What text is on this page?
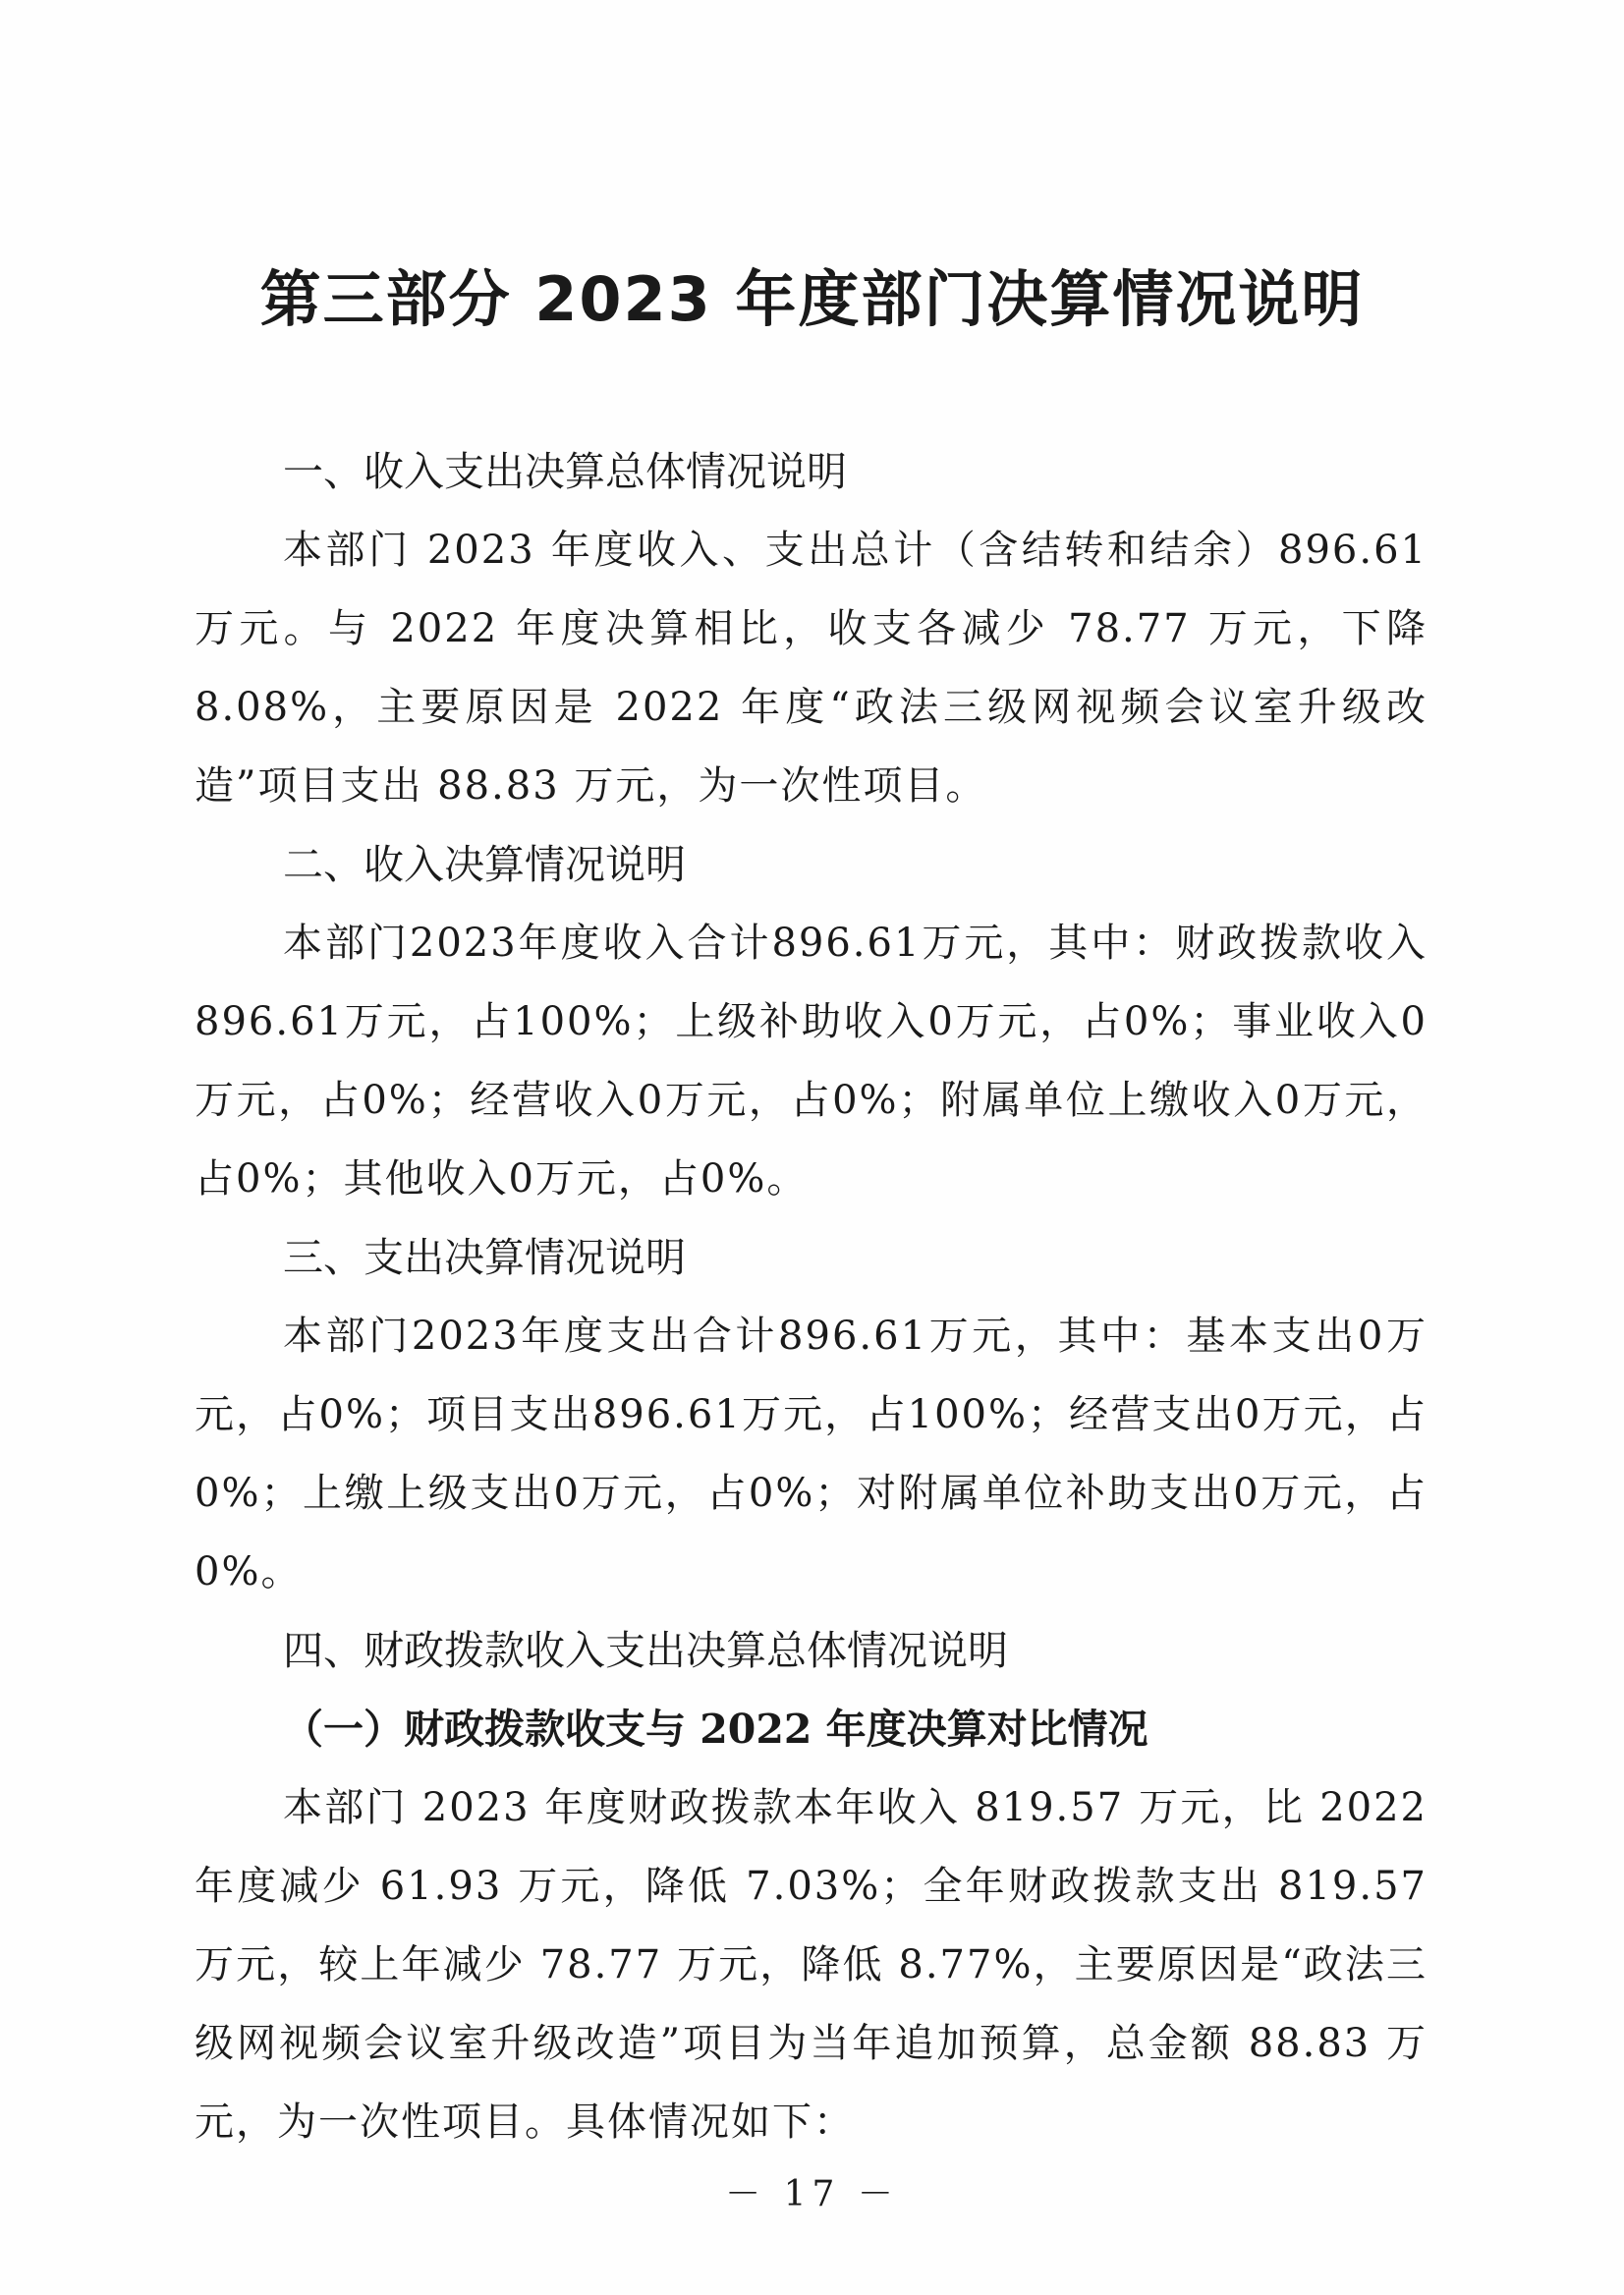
第三部分 2023 年度部门决算情况说明
一、收入支出决算总体情况说明

本部门 2023 年度收入、支出总计（含结转和结余）896.61 万元。与 2022 年度决算相比，收支各减少 78.77 万元，下降 8.08%，主要原因是 2022 年度“政法三级网视频会议室升级改造”项目支出 88.83 万元，为一次性项目。

二、收入决算情况说明

本部门2023年度收入合计896.61万元，其中：财政拨款收入896.61万元，占100%；上级补助收入0万元，占0%；事业收入0万元，占0%；经营收入0万元，占0%；附属单位上缴收入0万元，占0%；其他收入0万元，占0%。

三、支出决算情况说明

本部门2023年度支出合计896.61万元，其中：基本支出0万元，占0%；项目支出896.61万元，占100%；经营支出0万元，占0%；上缴上级支出0万元，占0%；对附属单位补助支出0万元，占0%。

四、财政拨款收入支出决算总体情况说明
（一）财政拨款收支与 2022 年度决算对比情况

本部门 2023 年度财政拨款本年收入 819.57 万元，比 2022 年度减少 61.93 万元，降低 7.03%；全年财政拨款支出 819.57 万元，较上年减少 78.77 万元，降低 8.77%，主要原因是“政法三级网视频会议室升级改造”项目为当年追加预算，总金额 88.83 万元，为一次性项目。具体情况如下：

－ 17 －
